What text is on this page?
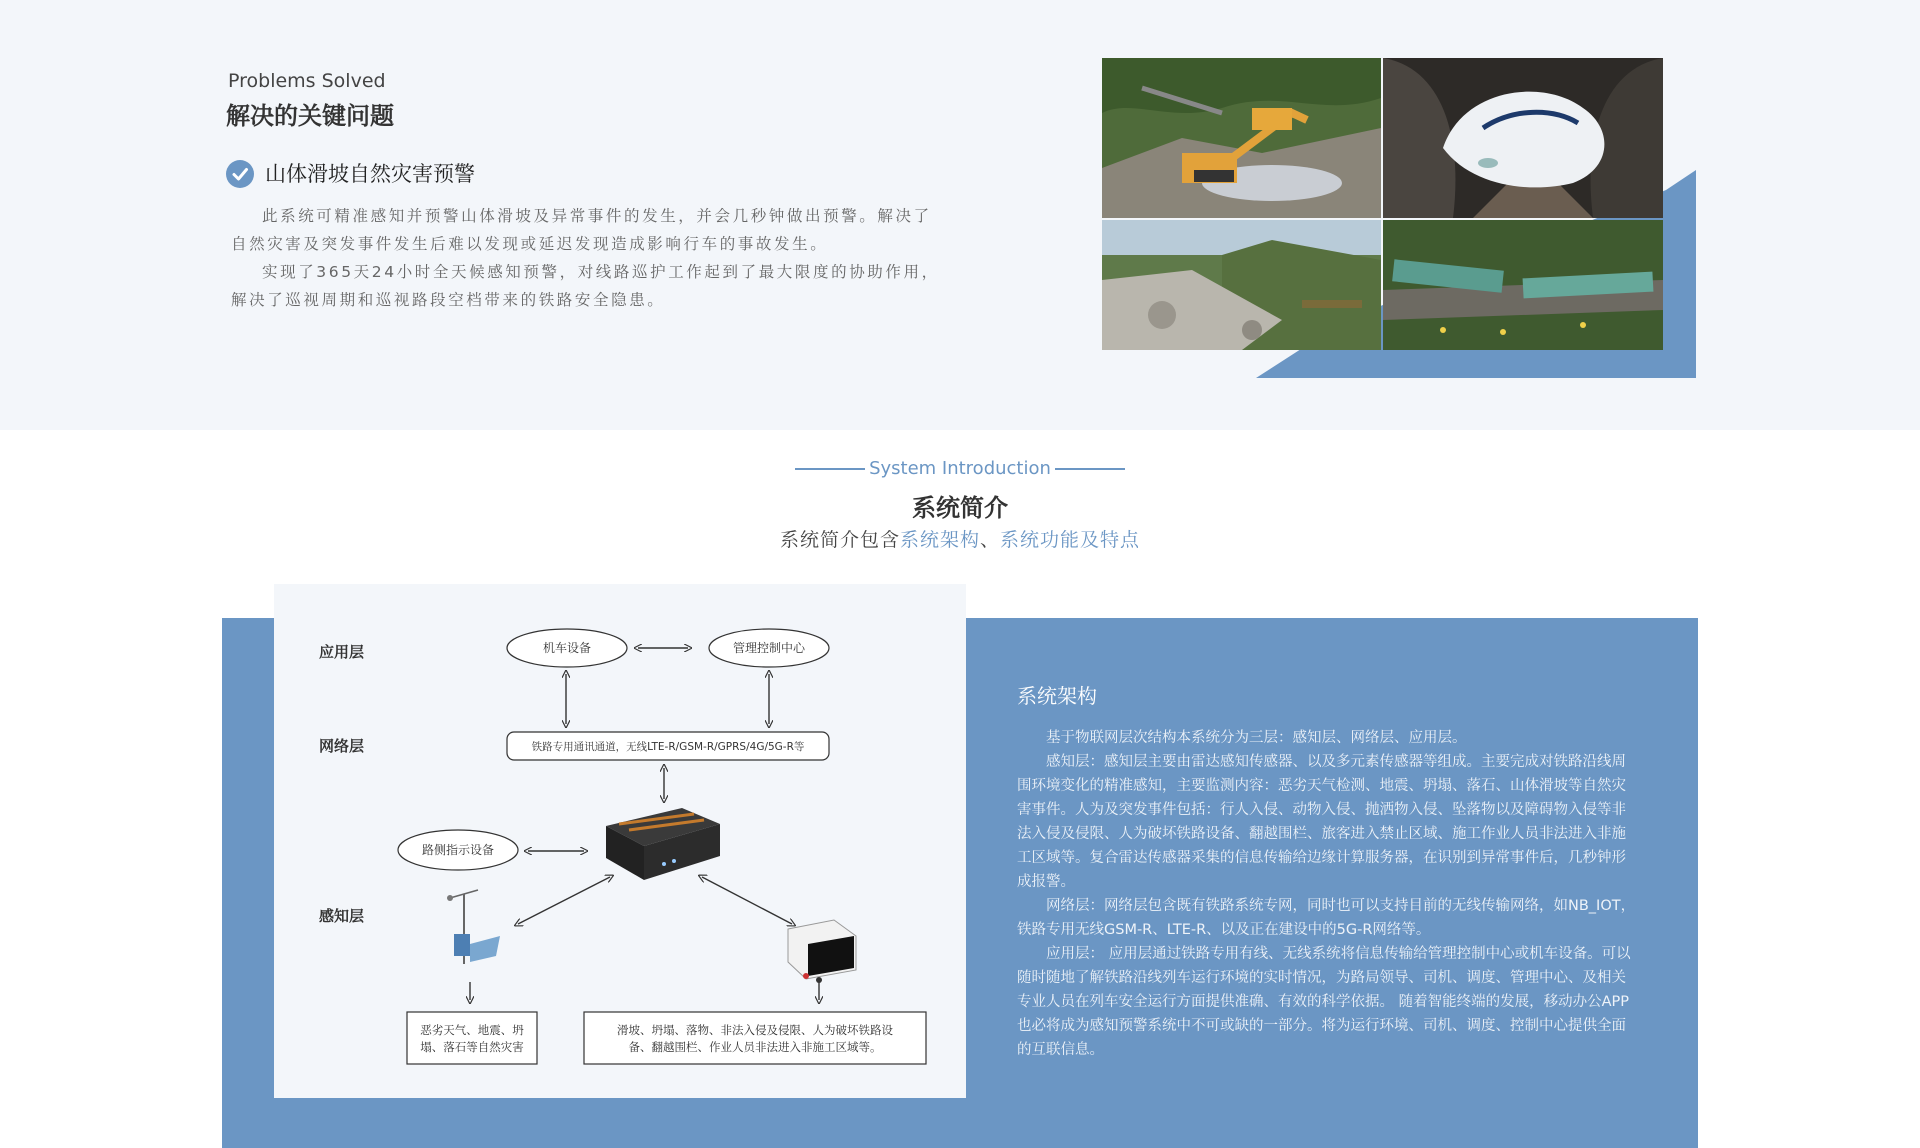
Problems Solved
解决的关键问题
山体滑坡自然灾害预警

此系统可精准感知并预警山体滑坡及异常事件的发生，并会几秒钟做出预警。解决了自然灾害及突发事件发生后难以发现或延迟发现造成影响行车的事故发生。

实现了365天24小时全天候感知预警，对线路巡护工作起到了最大限度的协助作用，解决了巡视周期和巡视路段空档带来的铁路安全隐患。

System Introduction
系统简介
系统简介包含系统架构、系统功能及特点
应用层
网络层
感知层
机车设备	管理控制中心
铁路专用通讯通道，无线LTE-R/GSM-R/GPRS/4G/5G-R等
路侧指示设备
恶劣天气、地震、坍
塌、落石等自然灾害
滑坡、坍塌、落物、非法入侵及侵限、人为破坏铁路设
备、翻越围栏、作业人员非法进入非施工区域等。
系统架构

基于物联网层次结构本系统分为三层：感知层、网络层、应用层。

感知层：感知层主要由雷达感知传感器、以及多元素传感器等组成。主要完成对铁路沿线周围环境变化的精准感知，主要监测内容：恶劣天气检测、地震、坍塌、落石、山体滑坡等自然灾害事件。人为及突发事件包括：行人入侵、动物入侵、抛洒物入侵、坠落物以及障碍物入侵等非法入侵及侵限、人为破坏铁路设备、翻越围栏、旅客进入禁止区域、施工作业人员非法进入非施工区域等。复合雷达传感器采集的信息传输给边缘计算服务器，在识别到异常事件后，几秒钟形成报警。

网络层：网络层包含既有铁路系统专网，同时也可以支持目前的无线传输网络，如NB_IOT，铁路专用无线GSM-R、LTE-R、以及正在建设中的5G-R网络等。

应用层： 应用层通过铁路专用有线、无线系统将信息传输给管理控制中心或机车设备。可以随时随地了解铁路沿线列车运行环境的实时情况，为路局领导、司机、调度、管理中心、及相关专业人员在列车安全运行方面提供准确、有效的科学依据。 随着智能终端的发展，移动办公APP也必将成为感知预警系统中不可或缺的一部分。将为运行环境、司机、调度、控制中心提供全面的互联信息。
